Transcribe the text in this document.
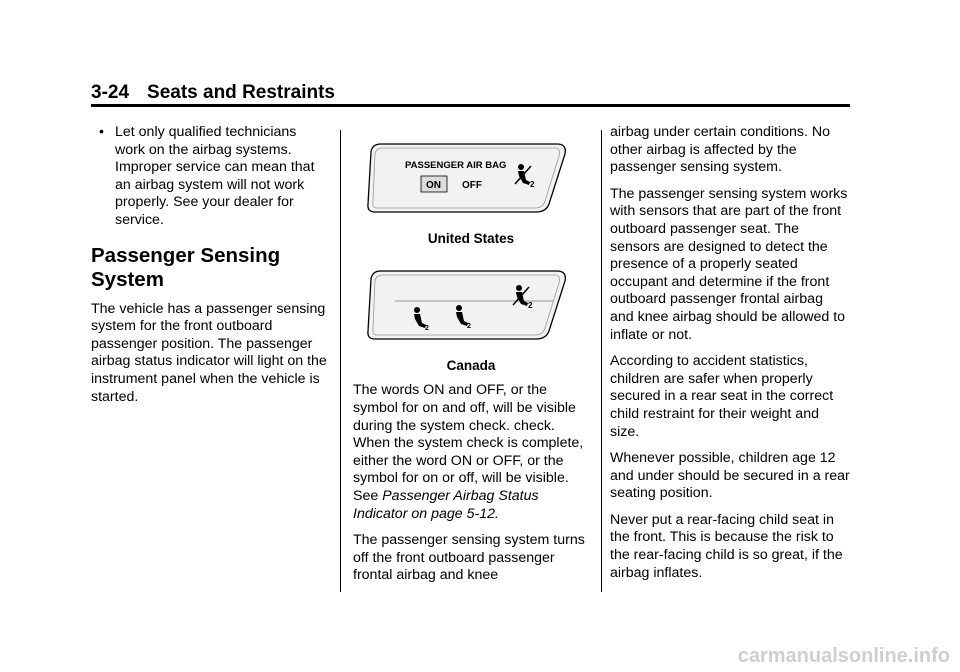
3-24 Seats and Restraints
• Let only qualified technicians work on the airbag systems. Improper service can mean that an airbag system will not work properly. See your dealer for service.
Passenger Sensing System

The vehicle has a passenger sensing system for the front outboard passenger position. The passenger airbag status indicator will light on the instrument panel when the vehicle is started.

PASSENGER AIR BAG
ON OFF	2
United States
2	2
2
Canada

The words ON and OFF, or the symbol for on and off, will be visible during the system check. check. When the system check is complete, either the word ON or OFF, or the symbol for on or off, will be visible. See Passenger Airbag Status Indicator on page 5-12.

The passenger sensing system turns off the front outboard passenger frontal airbag and knee

airbag under certain conditions. No other airbag is affected by the passenger sensing system.

The passenger sensing system works with sensors that are part of the front outboard passenger seat. The sensors are designed to detect the presence of a properly seated occupant and determine if the front outboard passenger frontal airbag and knee airbag should be allowed to inflate or not.

According to accident statistics, children are safer when properly secured in a rear seat in the correct child restraint for their weight and size.

Whenever possible, children age 12 and under should be secured in a rear seating position.

Never put a rear-facing child seat in the front. This is because the risk to the rear-facing child is so great, if the airbag inflates.

carmanualsonline.info
